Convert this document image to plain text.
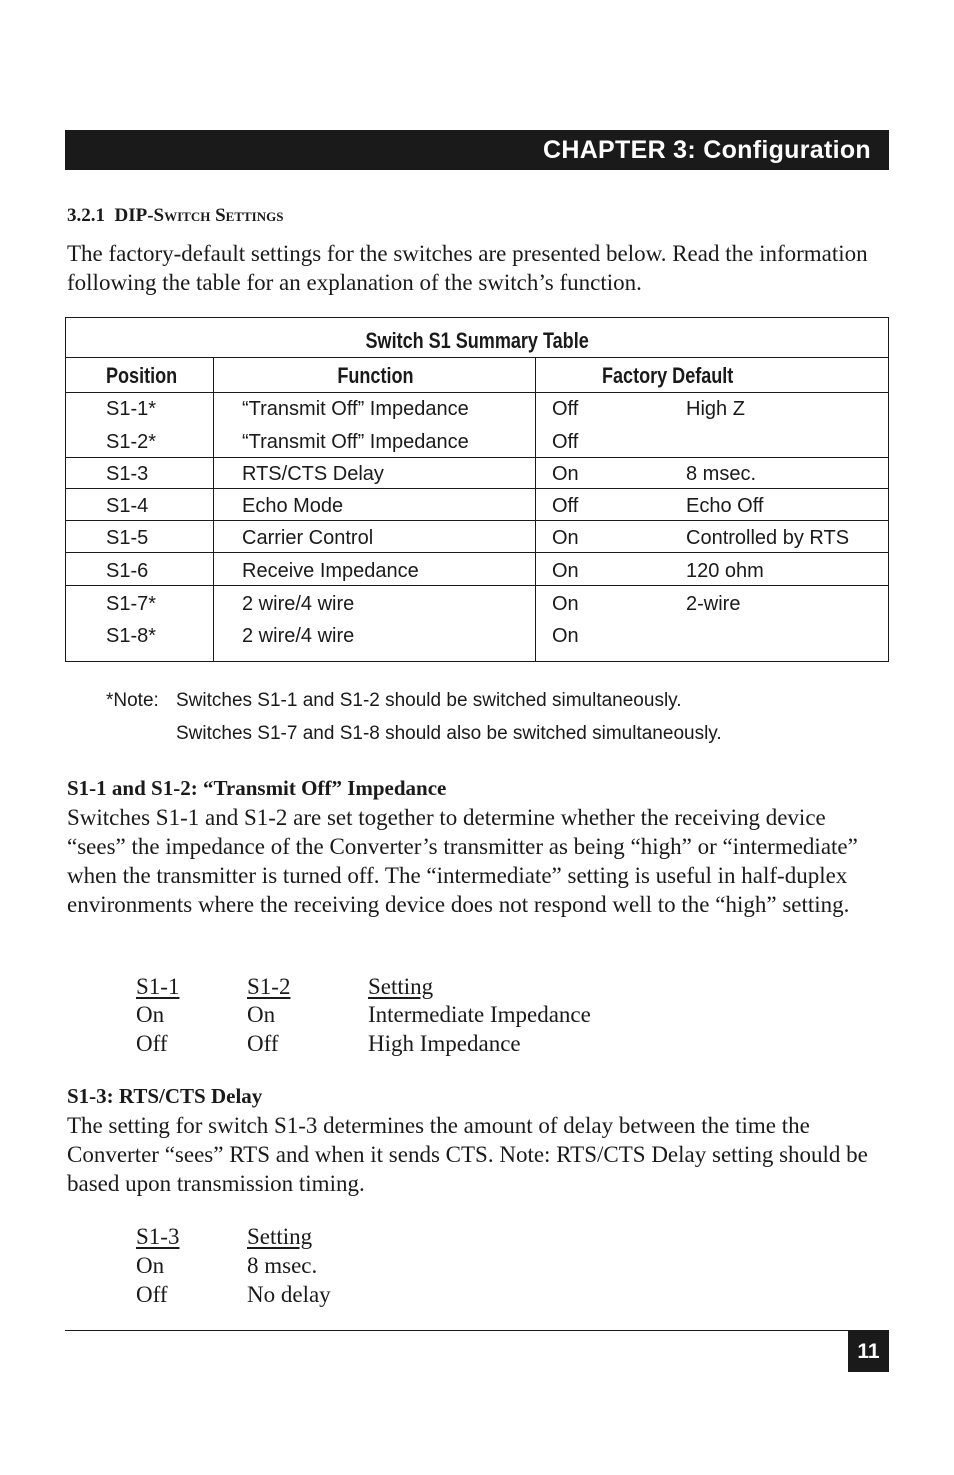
CHAPTER 3: Configuration
3.2.1 DIP-Switch Settings

The factory-default settings for the switches are presented below. Read the information following the table for an explanation of the switch’s function.

Switch S1 Summary Table
Position	Function	Factory Default
S1-1*	“Transmit Off” Impedance	Off	High Z
S1-2*	“Transmit Off” Impedance	Off
S1-3	RTS/CTS Delay	On	8 msec.
S1-4	Echo Mode	Off	Echo Off
S1-5	Carrier Control	On	Controlled by RTS
S1-6	Receive Impedance	On	120 ohm
S1-7*	2 wire/4 wire	On	2-wire
S1-8*	2 wire/4 wire	On
*Note: Switches S1-1 and S1-2 should be switched simultaneously.
Switches S1-7 and S1-8 should also be switched simultaneously.
S1-1 and S1-2: “Transmit Off” Impedance

Switches S1-1 and S1-2 are set together to determine whether the receiving device “sees” the impedance of the Converter’s transmitter as being “high” or “intermediate” when the transmitter is turned off. The “intermediate” setting is useful in half-duplex environments where the receiving device does not respond well to the “high” setting.

S1-1	S1-2	Setting
On	On	Intermediate Impedance
Off	Off	High Impedance
S1-3: RTS/CTS Delay

The setting for switch S1-3 determines the amount of delay between the time the Converter “sees” RTS and when it sends CTS. Note: RTS/CTS Delay setting should be based upon transmission timing.

S1-3	Setting
On	8 msec.
Off	No delay
11
